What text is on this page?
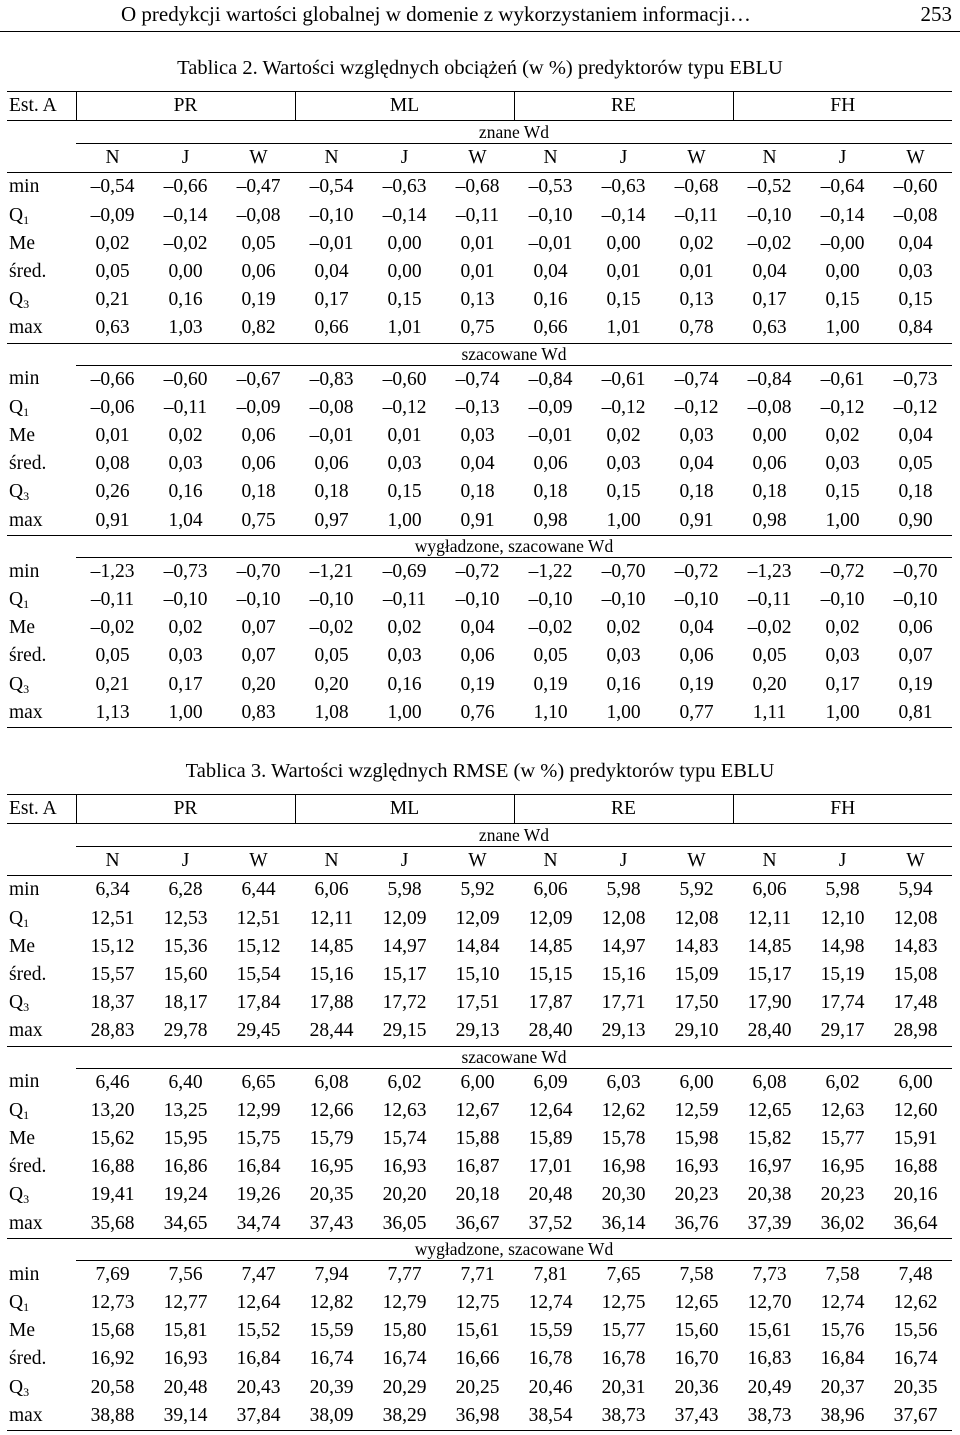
O predykcji wartości globalnej w domenie z wykorzystaniem informacji…	253
Tablica 2. Wartości względnych obciążeń (w %) predyktorów typu EBLU
Est. A	PR			ML			RE			FH		
	znane Wd											
	N	J	W	N	J	W	N	J	W	N	J	W
min	–0,54	–0,66	–0,47	–0,54	–0,63	–0,68	–0,53	–0,63	–0,68	–0,52	–0,64	–0,60
$Q_1$	–0,09	–0,14	–0,08	–0,10	–0,14	–0,11	–0,10	–0,14	–0,11	–0,10	–0,14	–0,08
Me	0,02	–0,02	0,05	–0,01	0,00	0,01	–0,01	0,00	0,02	–0,02	–0,00	0,04
śred.	0,05	0,00	0,06	0,04	0,00	0,01	0,04	0,01	0,01	0,04	0,00	0,03
$Q_3$	0,21	0,16	0,19	0,17	0,15	0,13	0,16	0,15	0,13	0,17	0,15	0,15
max	0,63	1,03	0,82	0,66	1,01	0,75	0,66	1,01	0,78	0,63	1,00	0,84
	szacowane Wd											
min	–0,66	–0,60	–0,67	–0,83	–0,60	–0,74	–0,84	–0,61	–0,74	–0,84	–0,61	–0,73
$Q_1$	–0,06	–0,11	–0,09	–0,08	–0,12	–0,13	–0,09	–0,12	–0,12	–0,08	–0,12	–0,12
Me	0,01	0,02	0,06	–0,01	0,01	0,03	–0,01	0,02	0,03	0,00	0,02	0,04
śred.	0,08	0,03	0,06	0,06	0,03	0,04	0,06	0,03	0,04	0,06	0,03	0,05
$Q_3$	0,26	0,16	0,18	0,18	0,15	0,18	0,18	0,15	0,18	0,18	0,15	0,18
max	0,91	1,04	0,75	0,97	1,00	0,91	0,98	1,00	0,91	0,98	1,00	0,90
	wygładzone, szacowane Wd											
min	–1,23	–0,73	–0,70	–1,21	–0,69	–0,72	–1,22	–0,70	–0,72	–1,23	–0,72	–0,70
$Q_1$	–0,11	–0,10	–0,10	–0,10	–0,11	–0,10	–0,10	–0,10	–0,10	–0,11	–0,10	–0,10
Me	–0,02	0,02	0,07	–0,02	0,02	0,04	–0,02	0,02	0,04	–0,02	0,02	0,06
śred.	0,05	0,03	0,07	0,05	0,03	0,06	0,05	0,03	0,06	0,05	0,03	0,07
$Q_3$	0,21	0,17	0,20	0,20	0,16	0,19	0,19	0,16	0,19	0,20	0,17	0,19
max	1,13	1,00	0,83	1,08	1,00	0,76	1,10	1,00	0,77	1,11	1,00	0,81
Tablica 3. Wartości względnych RMSE (w %) predyktorów typu EBLU
Est. A	PR			ML			RE			FH		
	znane Wd											
	N	J	W	N	J	W	N	J	W	N	J	W
min	6,34	6,28	6,44	6,06	5,98	5,92	6,06	5,98	5,92	6,06	5,98	5,94
$Q_1$	12,51	12,53	12,51	12,11	12,09	12,09	12,09	12,08	12,08	12,11	12,10	12,08
Me	15,12	15,36	15,12	14,85	14,97	14,84	14,85	14,97	14,83	14,85	14,98	14,83
śred.	15,57	15,60	15,54	15,16	15,17	15,10	15,15	15,16	15,09	15,17	15,19	15,08
$Q_3$	18,37	18,17	17,84	17,88	17,72	17,51	17,87	17,71	17,50	17,90	17,74	17,48
max	28,83	29,78	29,45	28,44	29,15	29,13	28,40	29,13	29,10	28,40	29,17	28,98
	szacowane Wd											
min	6,46	6,40	6,65	6,08	6,02	6,00	6,09	6,03	6,00	6,08	6,02	6,00
$Q_1$	13,20	13,25	12,99	12,66	12,63	12,67	12,64	12,62	12,59	12,65	12,63	12,60
Me	15,62	15,95	15,75	15,79	15,74	15,88	15,89	15,78	15,98	15,82	15,77	15,91
śred.	16,88	16,86	16,84	16,95	16,93	16,87	17,01	16,98	16,93	16,97	16,95	16,88
$Q_3$	19,41	19,24	19,26	20,35	20,20	20,18	20,48	20,30	20,23	20,38	20,23	20,16
max	35,68	34,65	34,74	37,43	36,05	36,67	37,52	36,14	36,76	37,39	36,02	36,64
	wygładzone, szacowane Wd											
min	7,69	7,56	7,47	7,94	7,77	7,71	7,81	7,65	7,58	7,73	7,58	7,48
$Q_1$	12,73	12,77	12,64	12,82	12,79	12,75	12,74	12,75	12,65	12,70	12,74	12,62
Me	15,68	15,81	15,52	15,59	15,80	15,61	15,59	15,77	15,60	15,61	15,76	15,56
śred.	16,92	16,93	16,84	16,74	16,74	16,66	16,78	16,78	16,70	16,83	16,84	16,74
$Q_3$	20,58	20,48	20,43	20,39	20,29	20,25	20,46	20,31	20,36	20,49	20,37	20,35
max	38,88	39,14	37,84	38,09	38,29	36,98	38,54	38,73	37,43	38,73	38,96	37,67
